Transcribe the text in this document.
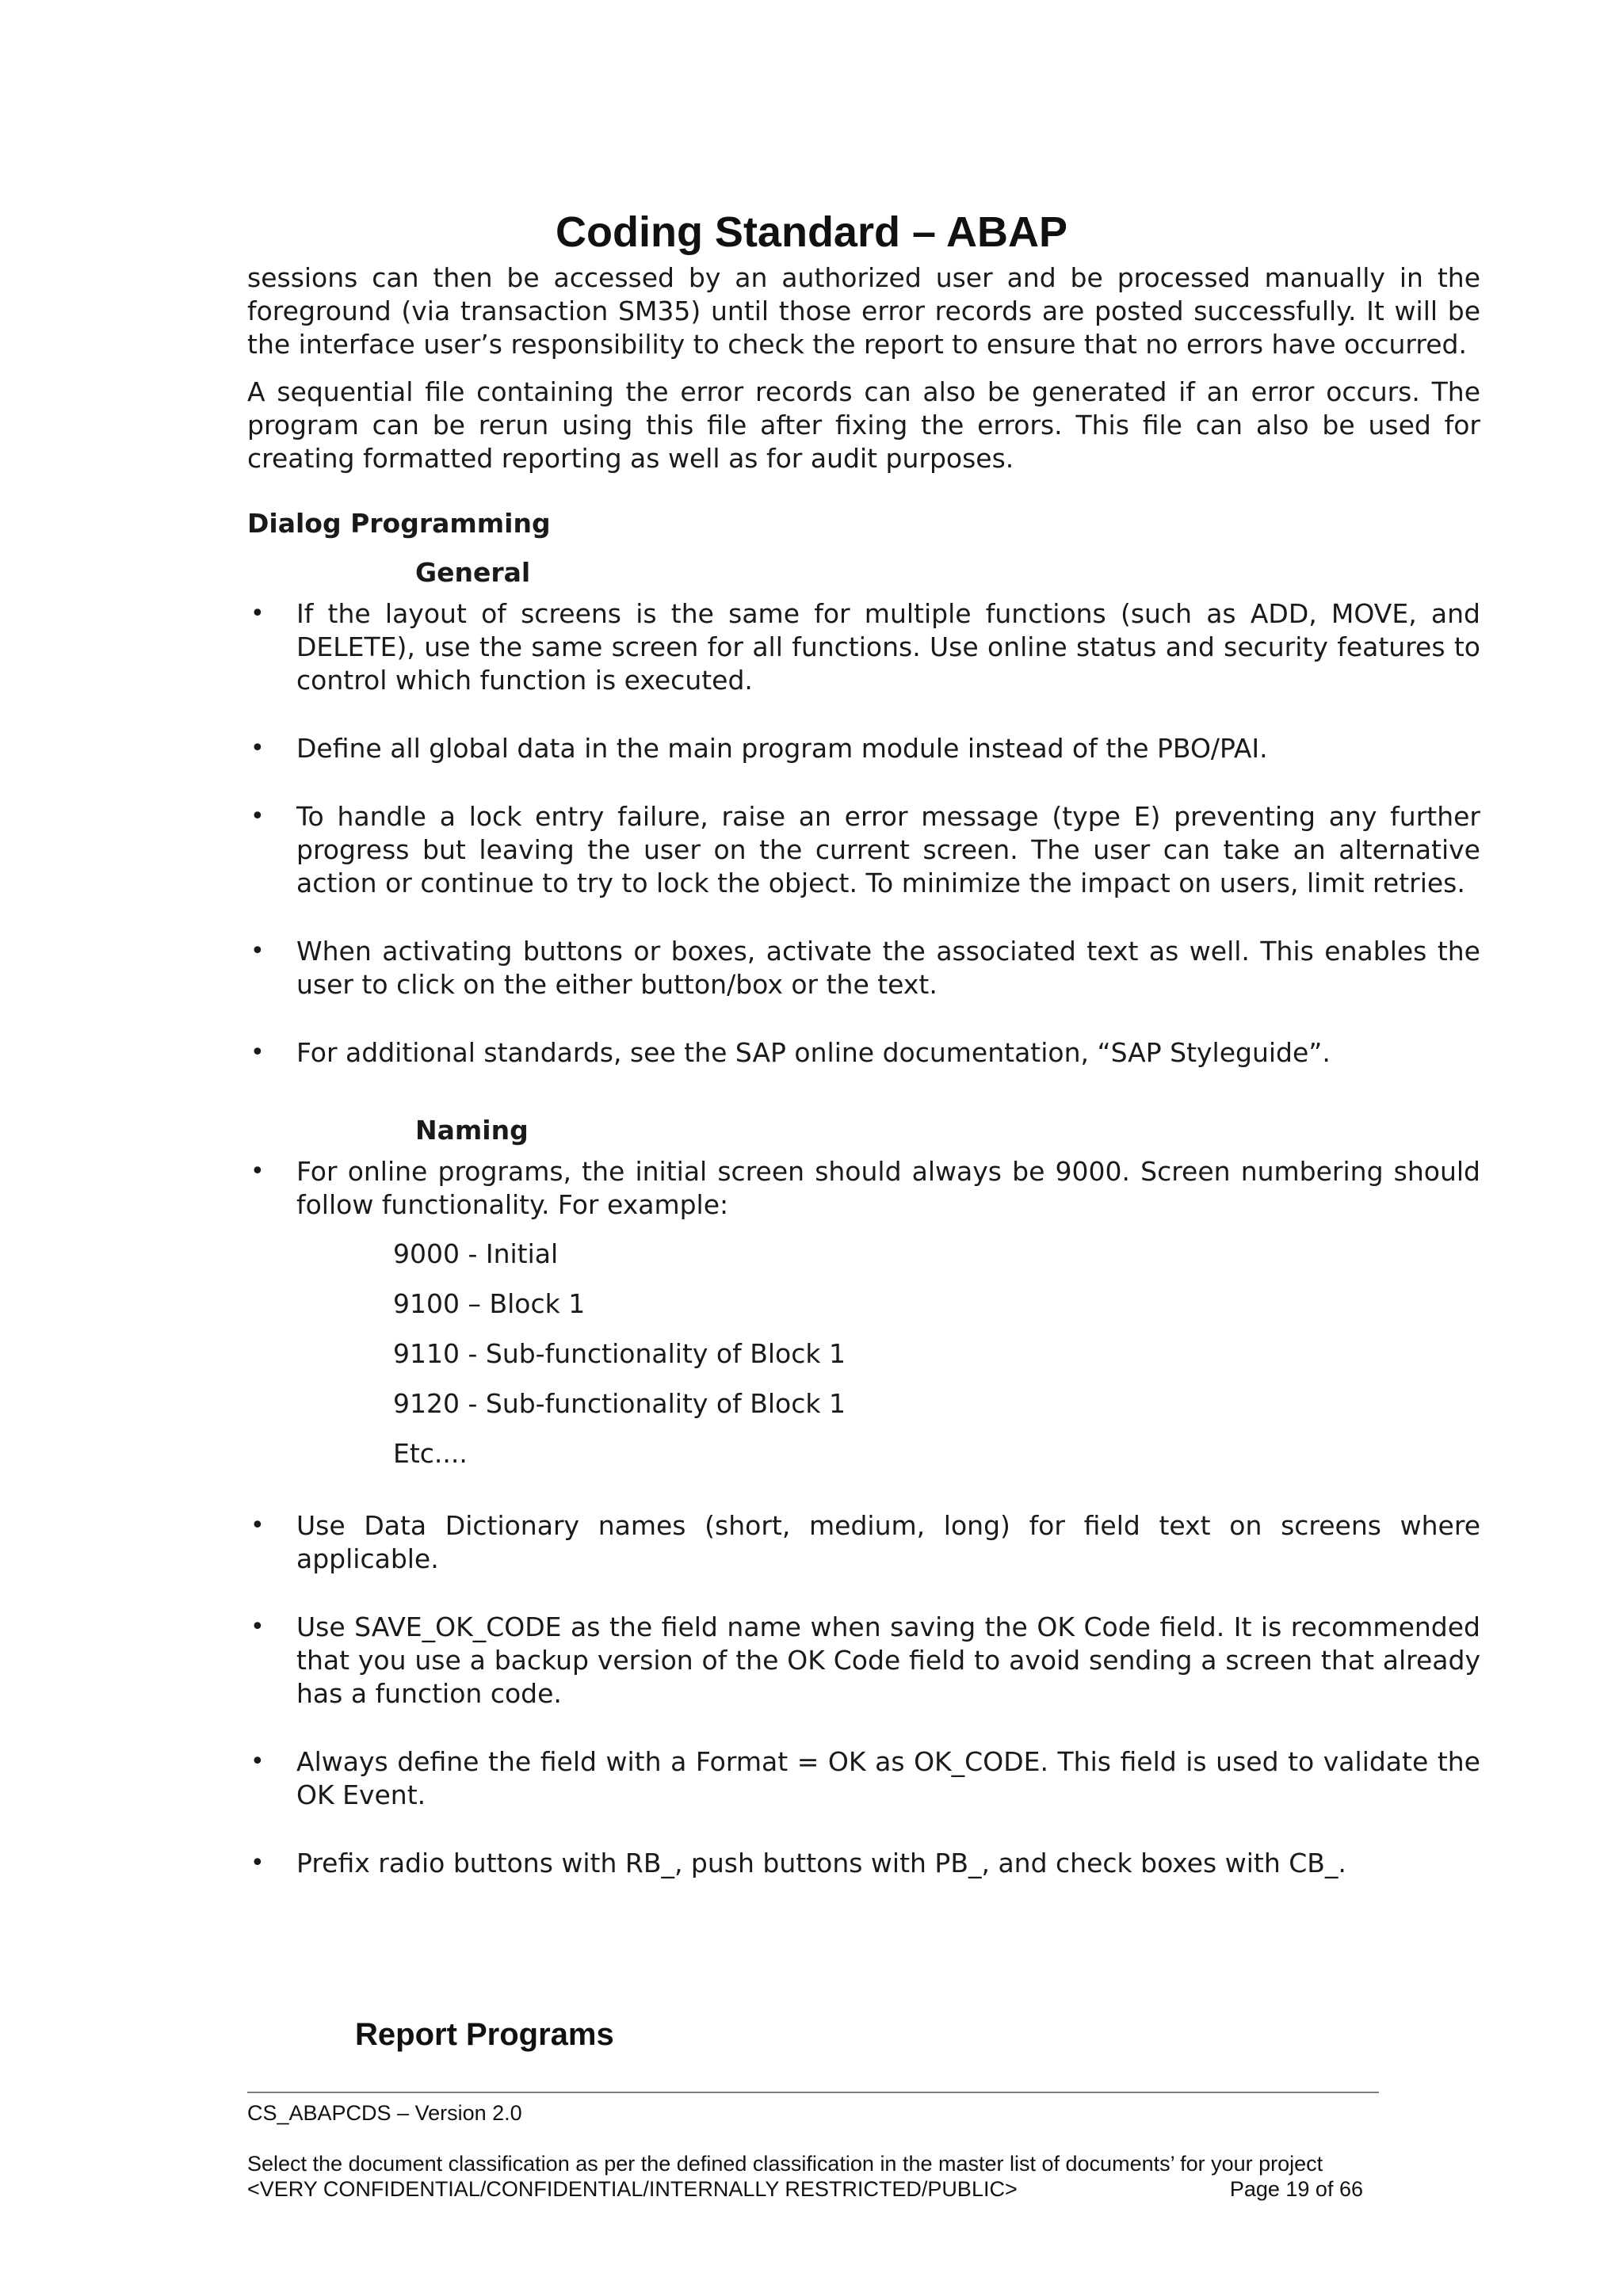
Coding Standard – ABAP

sessions can then be accessed by an authorized user and be processed manually in the foreground (via transaction SM35) until those error records are posted successfully. It will be the interface user’s responsibility to check the report to ensure that no errors have occurred.

A sequential file containing the error records can also be generated if an error occurs. The program can be rerun using this file after fixing the errors. This file can also be used for creating formatted reporting as well as for audit purposes.

Dialog Programming
General
• If the layout of screens is the same for multiple functions (such as ADD, MOVE, and DELETE), use the same screen for all functions. Use online status and security features to control which function is executed.
• Define all global data in the main program module instead of the PBO/PAI.
• To handle a lock entry failure, raise an error message (type E) preventing any further progress but leaving the user on the current screen. The user can take an alternative action or continue to try to lock the object. To minimize the impact on users, limit retries.
• When activating buttons or boxes, activate the associated text as well. This enables the user to click on the either button/box or the text.
• For additional standards, see the SAP online documentation, “SAP Styleguide”.
Naming
• For online programs, the initial screen should always be 9000. Screen numbering should follow functionality. For example:
9000 - Initial
9100 – Block 1
9110 - Sub-functionality of Block 1
9120 - Sub-functionality of Block 1
Etc....
• Use Data Dictionary names (short, medium, long) for field text on screens where applicable.
• Use SAVE_OK_CODE as the field name when saving the OK Code field. It is recommended that you use a backup version of the OK Code field to avoid sending a screen that already has a function code.
• Always define the field with a Format = OK as OK_CODE. This field is used to validate the OK Event.
• Prefix radio buttons with RB_, push buttons with PB_, and check boxes with CB_.
Report Programs
CS_ABAPCDS – Version 2.0
Select the document classification as per the defined classification in the master list of documents’ for your project
<VERY CONFIDENTIAL/CONFIDENTIAL/INTERNALLY RESTRICTED/PUBLIC>	Page 19 of 66
